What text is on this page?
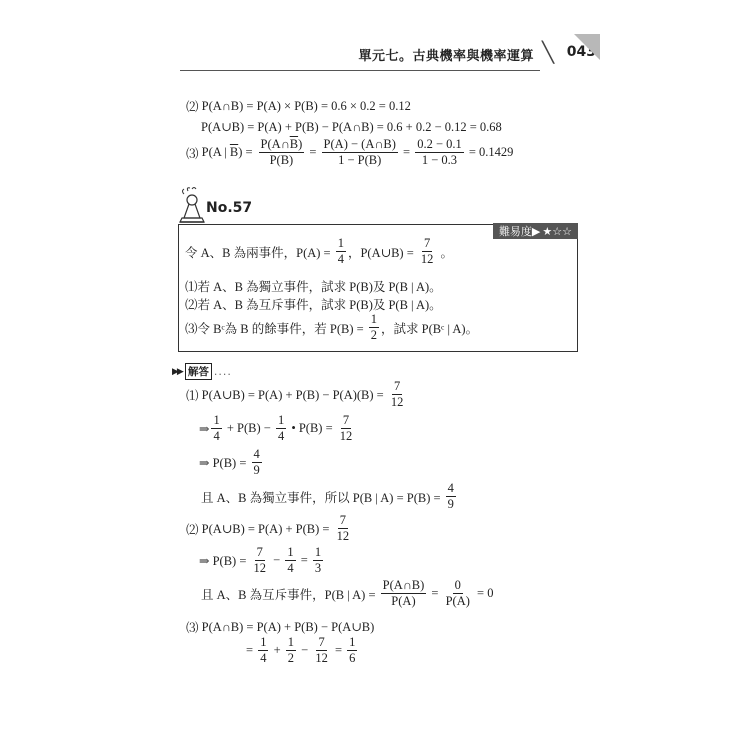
單元七。古典機率與機率運算 ╲ 043
⑵ P(A∩B) = P(A) × P(B) = 0.6 × 0.2 = 0.12
P(A∪B) = P(A) + P(B) − P(A∩B) = 0.6 + 0.2 − 0.12 = 0.68
⑶ P(A | $\overline{B}$ ) = $\frac{P(A\cap\overline{B})}{P(\overline{B})} = \frac{P(A) - (A\cap B)}{1 - P(B)} = \frac{0.2 - 0.1}{1 - 0.3} = 0.1429$
No.57
難易度▶ ★☆☆
令 A、B 為兩事件，$P(A) = \frac{1}{4}$ ，P(A∪B) = $\frac{7}{12}$ 。
⑴若 A、B 為獨立事件，試求 P(B)及 P(B | A)。
⑵若 A、B 為互斥事件，試求 P(B)及 P(B | A)。
⑶令 Bᶜ為 B 的餘事件，若 $P(B) = \frac{1}{2}$ ，試求 P(Bᶜ | A)。
▶▶ 解答 ....
⑴ P(A∪B) = $P(A) + P(B) - P(A)(B) = \frac{7}{12}$
⇒ $\frac{1}{4} + P(B) - \frac{1}{4}$ • $P(B) = \frac{7}{12}$
⇒ $P(B) = \frac{4}{9}$
且 A、B 為獨立事件，所以 P(B | $A) = P(B) = \frac{4}{9}$
⑵ P(A∪B) = $P(A) + P(B) = \frac{7}{12}$
⇒ $P(B) = \frac{7}{12} - \frac{1}{4} = \frac{1}{3}$
且 A、B 為互斥事件，P(B | $A) = \frac{P(A\cap B)}{P(A)} = \frac{0}{P(A)} = 0$
⑶ P(A∩B) = P(A) + P(B) − P(A∪B)
= $\frac{1}{4} + \frac{1}{2} - \frac{7}{12} = \frac{1}{6}$
